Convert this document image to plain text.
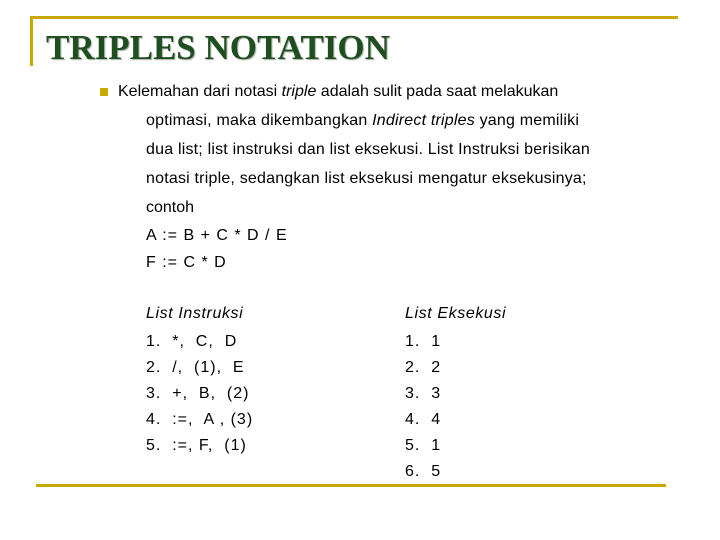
TRIPLES NOTATION
Kelemahan dari notasi triple adalah sulit pada saat melakukan
optimasi, maka dikembangkan Indirect triples yang memiliki
dua list; list instruksi dan list eksekusi. List Instruksi berisikan
notasi triple, sedangkan list eksekusi mengatur eksekusinya;
contoh
A := B + C * D / E
F := C * D
List Instruksi
1.  *,  C,  D
2.  /,  (1),  E
3.  +,  B,  (2)
4.  :=,  A , (3)
5.  :=, F,  (1)
List Eksekusi
1.  1
2.  2
3.  3
4.  4
5.  1
6.  5
